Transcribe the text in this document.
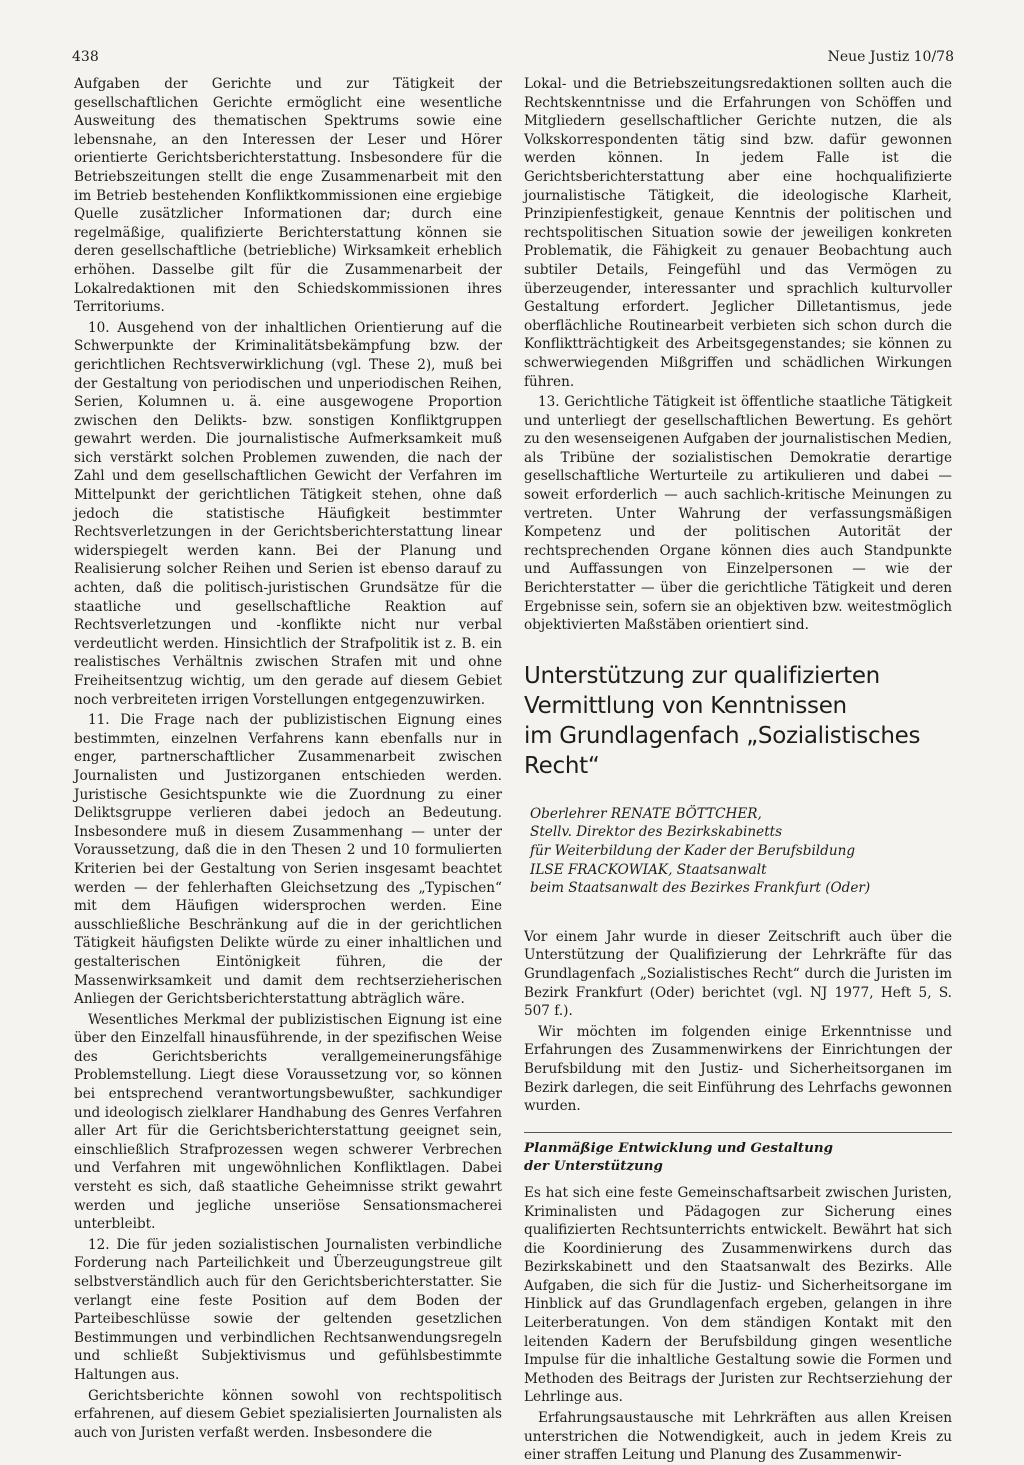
438	Neue Justiz 10/78

Aufgaben der Gerichte und zur Tätigkeit der gesellschaftlichen Gerichte ermöglicht eine wesentliche Ausweitung des thematischen Spektrums sowie eine lebensnahe, an den Interessen der Leser und Hörer orientierte Gerichtsberichterstattung. Insbesondere für die Betriebszeitungen stellt die enge Zusammenarbeit mit den im Betrieb bestehenden Konfliktkommissionen eine ergiebige Quelle zusätzlicher Informationen dar; durch eine regelmäßige, qualifizierte Berichterstattung können sie deren gesellschaftliche (betriebliche) Wirksamkeit erheblich erhöhen. Dasselbe gilt für die Zusammenarbeit der Lokalredaktionen mit den Schiedskommissionen ihres Territoriums.

10. Ausgehend von der inhaltlichen Orientierung auf die Schwerpunkte der Kriminalitätsbekämpfung bzw. der gerichtlichen Rechtsverwirklichung (vgl. These 2), muß bei der Gestaltung von periodischen und unperiodischen Reihen, Serien, Kolumnen u. ä. eine ausgewogene Proportion zwischen den Delikts- bzw. sonstigen Konfliktgruppen gewahrt werden. Die journalistische Aufmerksamkeit muß sich verstärkt solchen Problemen zuwenden, die nach der Zahl und dem gesellschaftlichen Gewicht der Verfahren im Mittelpunkt der gerichtlichen Tätigkeit stehen, ohne daß jedoch die statistische Häufigkeit bestimmter Rechtsverletzungen in der Gerichtsberichterstattung linear widerspiegelt werden kann. Bei der Planung und Realisierung solcher Reihen und Serien ist ebenso darauf zu achten, daß die politisch-juristischen Grundsätze für die staatliche und gesellschaftliche Reaktion auf Rechtsverletzungen und -konflikte nicht nur verbal verdeutlicht werden. Hinsichtlich der Strafpolitik ist z. B. ein realistisches Verhältnis zwischen Strafen mit und ohne Freiheitsentzug wichtig, um den gerade auf diesem Gebiet noch verbreiteten irrigen Vorstellungen entgegenzuwirken.

11. Die Frage nach der publizistischen Eignung eines bestimmten, einzelnen Verfahrens kann ebenfalls nur in enger, partnerschaftlicher Zusammenarbeit zwischen Journalisten und Justizorganen entschieden werden. Juristische Gesichtspunkte wie die Zuordnung zu einer Deliktsgruppe verlieren dabei jedoch an Bedeutung. Insbesondere muß in diesem Zusammenhang — unter der Voraussetzung, daß die in den Thesen 2 und 10 formulierten Kriterien bei der Gestaltung von Serien insgesamt beachtet werden — der fehlerhaften Gleichsetzung des „Typischen“ mit dem Häufigen widersprochen werden. Eine ausschließliche Beschränkung auf die in der gerichtlichen Tätigkeit häufigsten Delikte würde zu einer inhaltlichen und gestalterischen Eintönigkeit führen, die der Massenwirksamkeit und damit dem rechtserzieherischen Anliegen der Gerichtsberichterstattung abträglich wäre.

Wesentliches Merkmal der publizistischen Eignung ist eine über den Einzelfall hinausführende, in der spezifischen Weise des Gerichtsberichts verallgemeinerungsfähige Problemstellung. Liegt diese Voraussetzung vor, so können bei entsprechend verantwortungsbewußter, sachkundiger und ideologisch zielklarer Handhabung des Genres Verfahren aller Art für die Gerichtsberichterstattung geeignet sein, einschließlich Strafprozessen wegen schwerer Verbrechen und Verfahren mit ungewöhnlichen Konfliktlagen. Dabei versteht es sich, daß staatliche Geheimnisse strikt gewahrt werden und jegliche unseriöse Sensationsmacherei unterbleibt.

12. Die für jeden sozialistischen Journalisten verbindliche Forderung nach Parteilichkeit und Überzeugungstreue gilt selbstverständlich auch für den Gerichtsberichterstatter. Sie verlangt eine feste Position auf dem Boden der Parteibeschlüsse sowie der geltenden gesetzlichen Bestimmungen und verbindlichen Rechtsanwendungsregeln und schließt Subjektivismus und gefühlsbestimmte Haltungen aus.

Gerichtsberichte können sowohl von rechtspolitisch erfahrenen, auf diesem Gebiet spezialisierten Journalisten als auch von Juristen verfaßt werden. Insbesondere die

Lokal- und die Betriebszeitungsredaktionen sollten auch die Rechtskenntnisse und die Erfahrungen von Schöffen und Mitgliedern gesellschaftlicher Gerichte nutzen, die als Volkskorrespondenten tätig sind bzw. dafür gewonnen werden können. In jedem Falle ist die Gerichtsberichterstattung aber eine hochqualifizierte journalistische Tätigkeit, die ideologische Klarheit, Prinzipienfestigkeit, genaue Kenntnis der politischen und rechtspolitischen Situation sowie der jeweiligen konkreten Problematik, die Fähigkeit zu genauer Beobachtung auch subtiler Details, Feingefühl und das Vermögen zu überzeugender, interessanter und sprachlich kulturvoller Gestaltung erfordert. Jeglicher Dilletantismus, jede oberflächliche Routinearbeit verbieten sich schon durch die Konfliktträchtigkeit des Arbeitsgegenstandes; sie können zu schwerwiegenden Mißgriffen und schädlichen Wirkungen führen.

13. Gerichtliche Tätigkeit ist öffentliche staatliche Tätigkeit und unterliegt der gesellschaftlichen Bewertung. Es gehört zu den wesenseigenen Aufgaben der journalistischen Medien, als Tribüne der sozialistischen Demokratie derartige gesellschaftliche Werturteile zu artikulieren und dabei — soweit erforderlich — auch sachlich-kritische Meinungen zu vertreten. Unter Wahrung der verfassungsmäßigen Kompetenz und der politischen Autorität der rechtsprechenden Organe können dies auch Standpunkte und Auffassungen von Einzelpersonen — wie der Berichterstatter — über die gerichtliche Tätigkeit und deren Ergebnisse sein, sofern sie an objektiven bzw. weitestmöglich objektivierten Maßstäben orientiert sind.

Unterstützung zur qualifizierten
Vermittlung von Kenntnissen
im Grundlagenfach „Sozialistisches Recht“
Oberlehrer RENATE BÖTTCHER,
Stellv. Direktor des Bezirkskabinetts
für Weiterbildung der Kader der Berufsbildung
ILSE FRACKOWIAK, Staatsanwalt
beim Staatsanwalt des Bezirkes Frankfurt (Oder)

Vor einem Jahr wurde in dieser Zeitschrift auch über die Unterstützung der Qualifizierung der Lehrkräfte für das Grundlagenfach „Sozialistisches Recht“ durch die Juristen im Bezirk Frankfurt (Oder) berichtet (vgl. NJ 1977, Heft 5, S. 507 f.).

Wir möchten im folgenden einige Erkenntnisse und Erfahrungen des Zusammenwirkens der Einrichtungen der Berufsbildung mit den Justiz- und Sicherheitsorganen im Bezirk darlegen, die seit Einführung des Lehrfachs gewonnen wurden.

Planmäßige Entwicklung und Gestaltung
der Unterstützung

Es hat sich eine feste Gemeinschaftsarbeit zwischen Juristen, Kriminalisten und Pädagogen zur Sicherung eines qualifizierten Rechtsunterrichts entwickelt. Bewährt hat sich die Koordinierung des Zusammenwirkens durch das Bezirkskabinett und den Staatsanwalt des Bezirks. Alle Aufgaben, die sich für die Justiz- und Sicherheitsorgane im Hinblick auf das Grundlagenfach ergeben, gelangen in ihre Leiterberatungen. Von dem ständigen Kontakt mit den leitenden Kadern der Berufsbildung gingen wesentliche Impulse für die inhaltliche Gestaltung sowie die Formen und Methoden des Beitrags der Juristen zur Rechtserziehung der Lehrlinge aus.

Erfahrungsaustausche mit Lehrkräften aus allen Kreisen unterstrichen die Notwendigkeit, auch in jedem Kreis zu einer straffen Leitung und Planung des Zusammenwir-
